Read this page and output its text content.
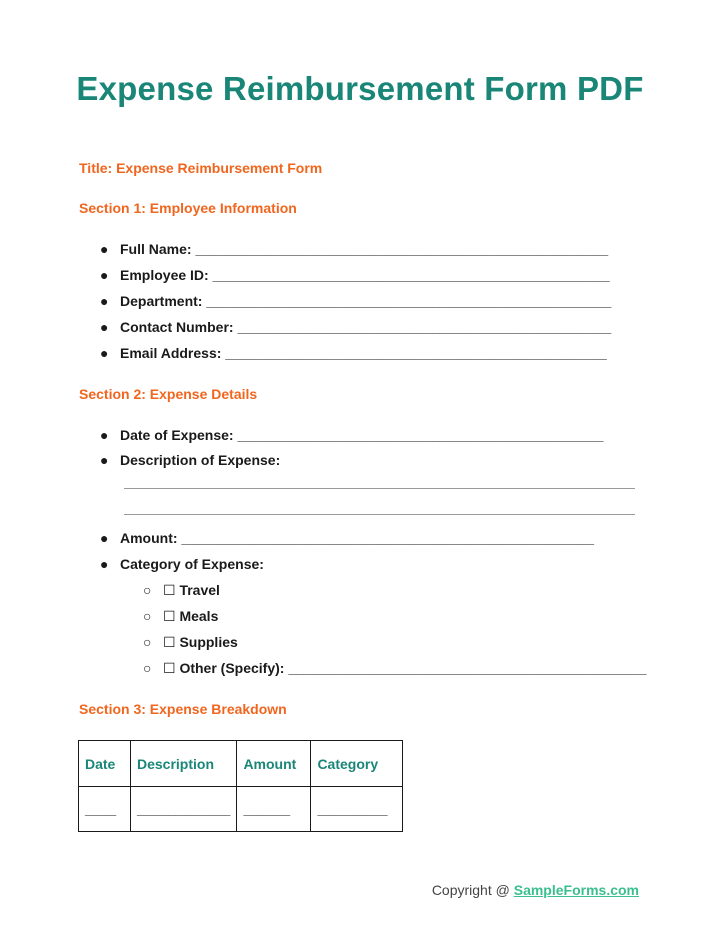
Expense Reimbursement Form PDF
Title: Expense Reimbursement Form
Section 1: Employee Information
● Full Name: _____________________________________________________
● Employee ID: ___________________________________________________
● Department: ____________________________________________________
● Contact Number: ________________________________________________
● Email Address: _________________________________________________
Section 2: Expense Details
● Date of Expense: _______________________________________________
● Description of Expense:
● Amount: _____________________________________________________
● Category of Expense:
○ ☐ Travel
○ ☐ Meals
○ ☐ Supplies
○ ☐ Other (Specify): ______________________________________________
Section 3: Expense Breakdown
Date	Description	Amount	Category
____	____________	______	_________
Copyright @ SampleForms.com
